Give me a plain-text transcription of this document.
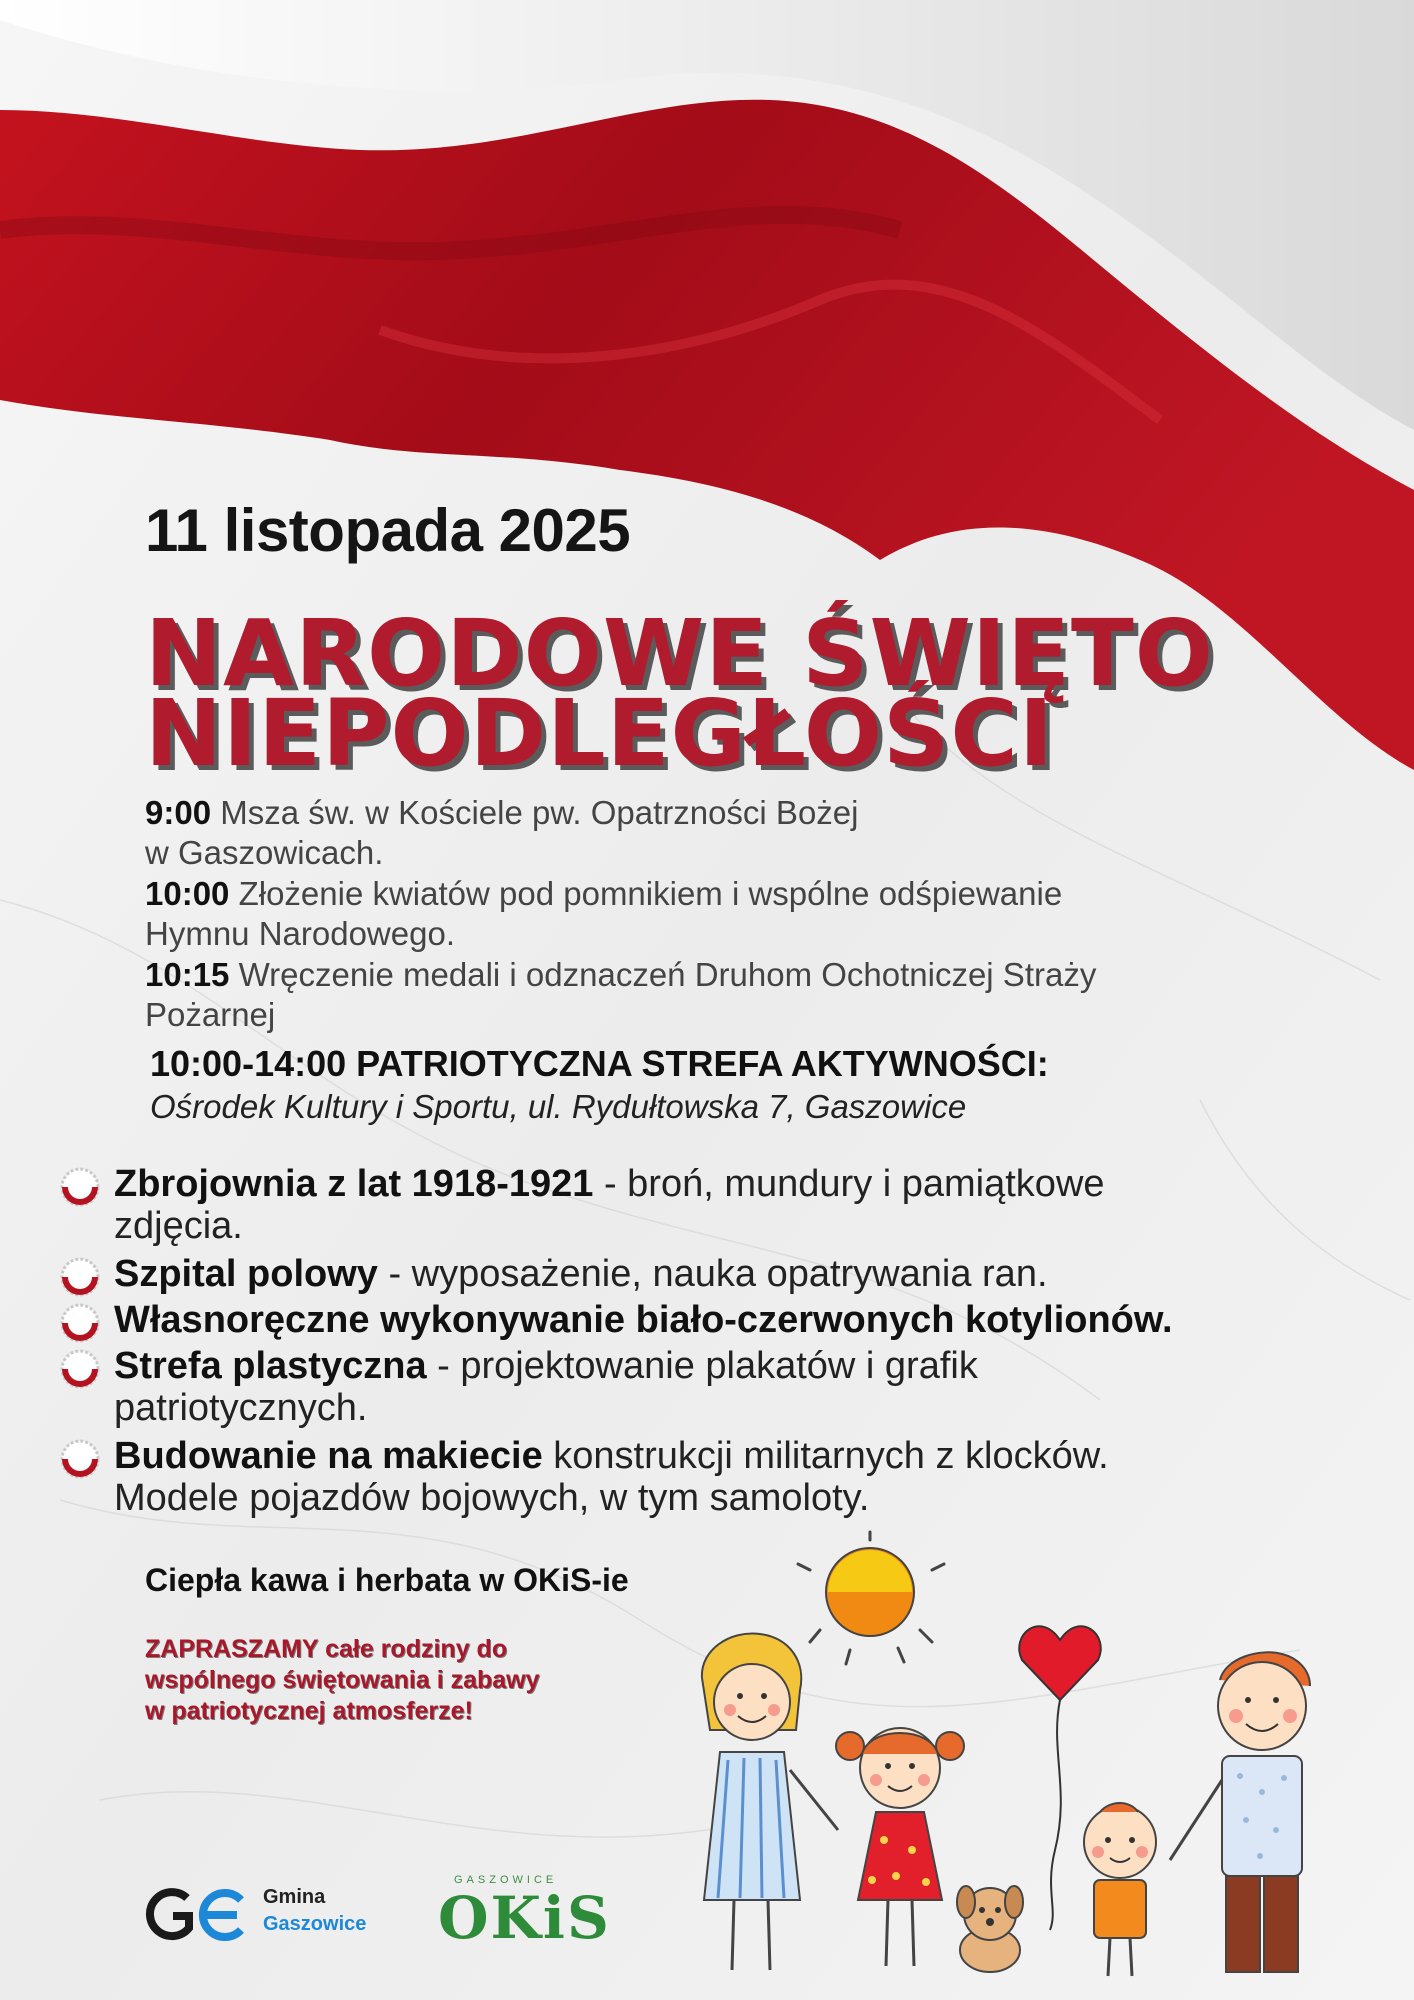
11 listopada 2025
NARODOWE ŚWIĘTO
NIEPODLEGŁOŚCI
9:00 Msza św. w Kościele pw. Opatrzności Bożej
w Gaszowicach.
10:00 Złożenie kwiatów pod pomnikiem i wspólne odśpiewanie
Hymnu Narodowego.
10:15 Wręczenie medali i odznaczeń Druhom Ochotniczej Straży
Pożarnej
10:00-14:00 PATRIOTYCZNA STREFA AKTYWNOŚCI:
Ośrodek Kultury i Sportu, ul. Rydułtowska 7, Gaszowice
Zbrojownia z lat 1918-1921 - broń, mundury i pamiątkowe
zdjęcia.
Szpital polowy - wyposażenie, nauka opatrywania ran.
Własnoręczne wykonywanie biało-czerwonych kotylionów.
Strefa plastyczna - projektowanie plakatów i grafik
patriotycznych.
Budowanie na makiecie konstrukcji militarnych z klocków.
Modele pojazdów bojowych, w tym samoloty.
Ciepła kawa i herbata w OKiS-ie
ZAPRASZAMY całe rodziny do
wspólnego świętowania i zabawy
w patriotycznej atmosferze!
Gmina
Gaszowice
GASZOWICE
OKiS
